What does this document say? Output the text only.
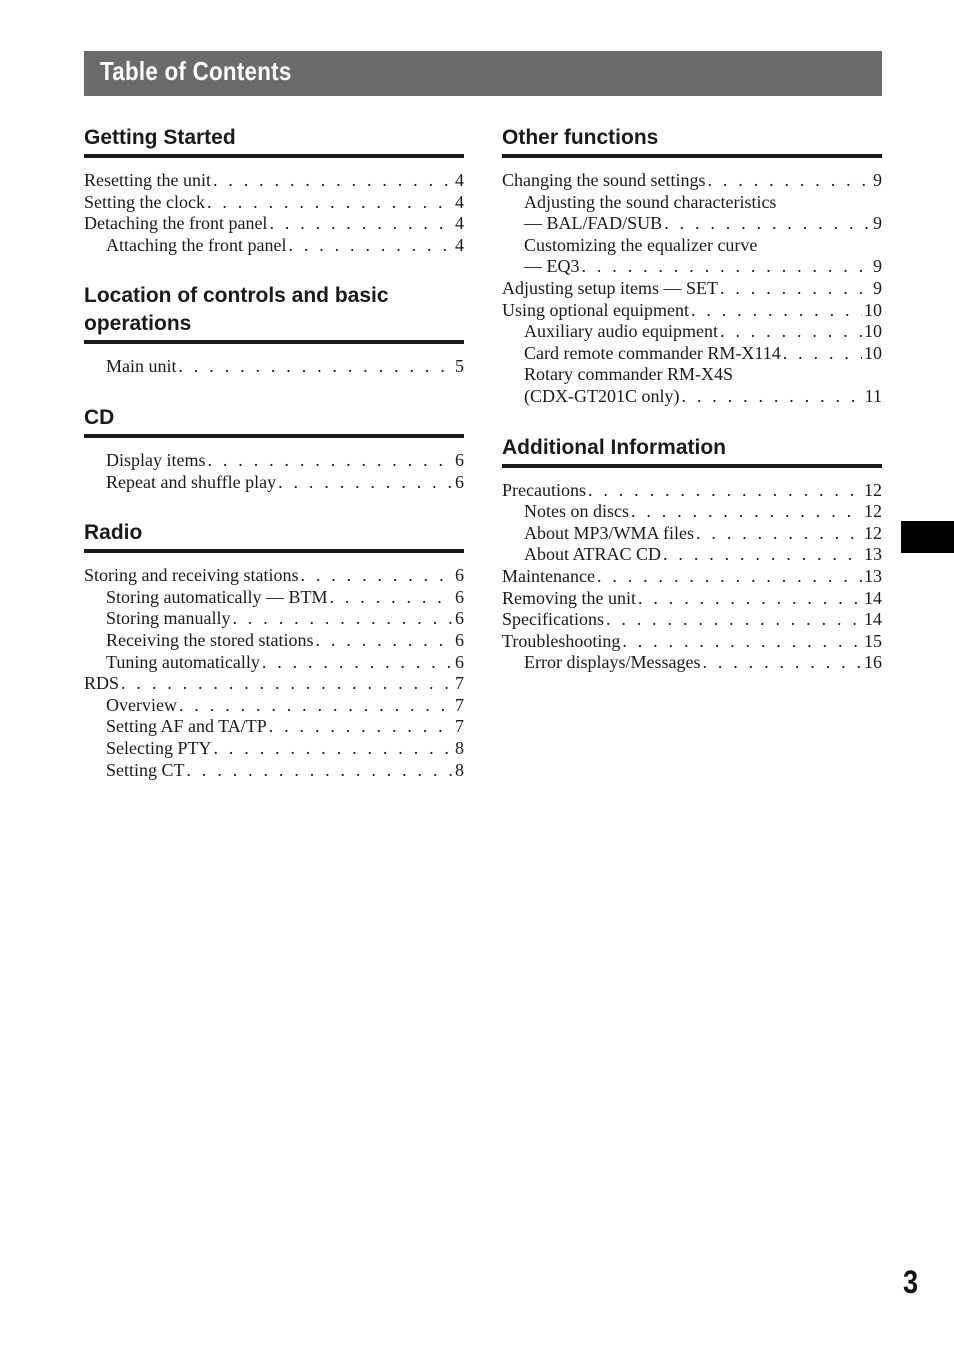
Table of Contents
Getting Started
Resetting the unit . . .	4
Setting the clock . . .	4
Detaching the front panel . . .	4
Attaching the front panel . . .	4
Location of controls and basic operations
Main unit . . .	5
CD
Display items . . .	6
Repeat and shuffle play . . .	6
Radio
Storing and receiving stations . . .	6
Storing automatically — BTM . . .	6
Storing manually . . .	6
Receiving the stored stations . . .	6
Tuning automatically . . .	6
RDS . . .	7
Overview . . .	7
Setting AF and TA/TP . . .	7
Selecting PTY . . .	8
Setting CT . . .	8
Other functions
Changing the sound settings . . .	9
Adjusting the sound characteristics
— BAL/FAD/SUB . . .	9
Customizing the equalizer curve
— EQ3 . . .	9
Adjusting setup items — SET . . .	9
Using optional equipment . . .	10
Auxiliary audio equipment . . .	10
Card remote commander RM-X114 . . .	10
Rotary commander RM-X4S
(CDX-GT201C only) . . .	11
Additional Information
Precautions . . .	12
Notes on discs . . .	12
About MP3/WMA files . . .	12
About ATRAC CD . . .	13
Maintenance . . .	13
Removing the unit . . .	14
Specifications . . .	14
Troubleshooting . . .	15
Error displays/Messages . . .	16
3
